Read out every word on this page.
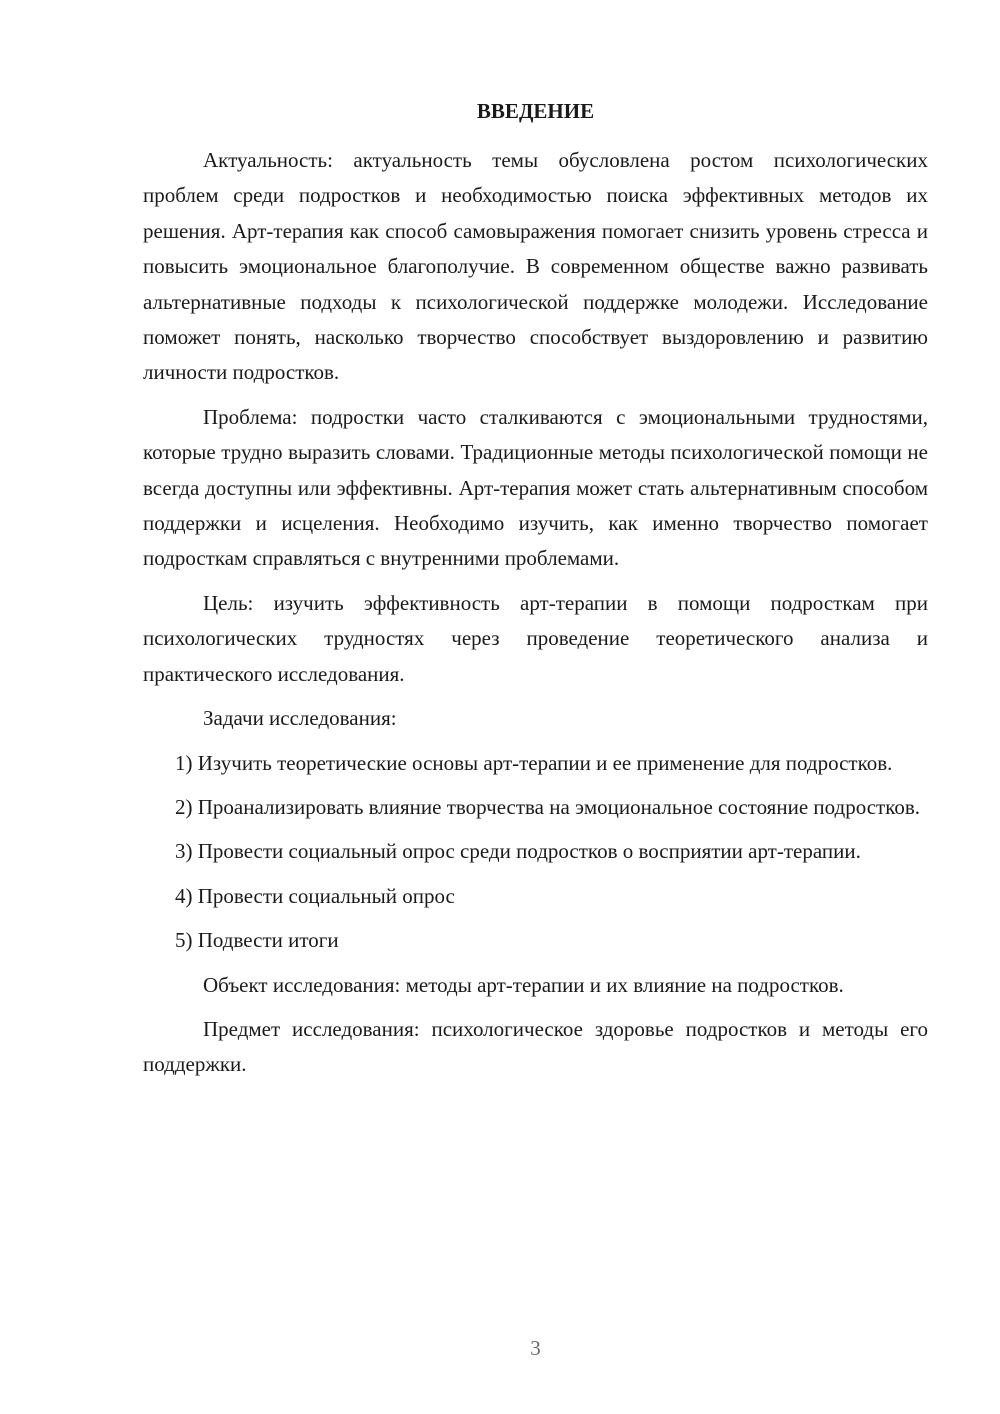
ВВЕДЕНИЕ

Актуальность: актуальность темы обусловлена ростом психологических проблем среди подростков и необходимостью поиска эффективных методов их решения. Арт-терапия как способ самовыражения помогает снизить уровень стресса и повысить эмоциональное благополучие. В современном обществе важно развивать альтернативные подходы к психологической поддержке молодежи. Исследование поможет понять, насколько творчество способствует выздоровлению и развитию личности подростков.

Проблема: подростки часто сталкиваются с эмоциональными трудностями, которые трудно выразить словами. Традиционные методы психологической помощи не всегда доступны или эффективны. Арт-терапия может стать альтернативным способом поддержки и исцеления. Необходимо изучить, как именно творчество помогает подросткам справляться с внутренними проблемами.

Цель: изучить эффективность арт-терапии в помощи подросткам при психологических трудностях через проведение теоретического анализа и практического исследования.

Задачи исследования:

1) Изучить теоретические основы арт-терапии и ее применение для подростков.

2) Проанализировать влияние творчества на эмоциональное состояние подростков.

3) Провести социальный опрос среди подростков о восприятии арт-терапии.

4) Провести социальный опрос

5) Подвести итоги

Объект исследования: методы арт-терапии и их влияние на подростков.

Предмет исследования: психологическое здоровье подростков и методы его поддержки.

3
